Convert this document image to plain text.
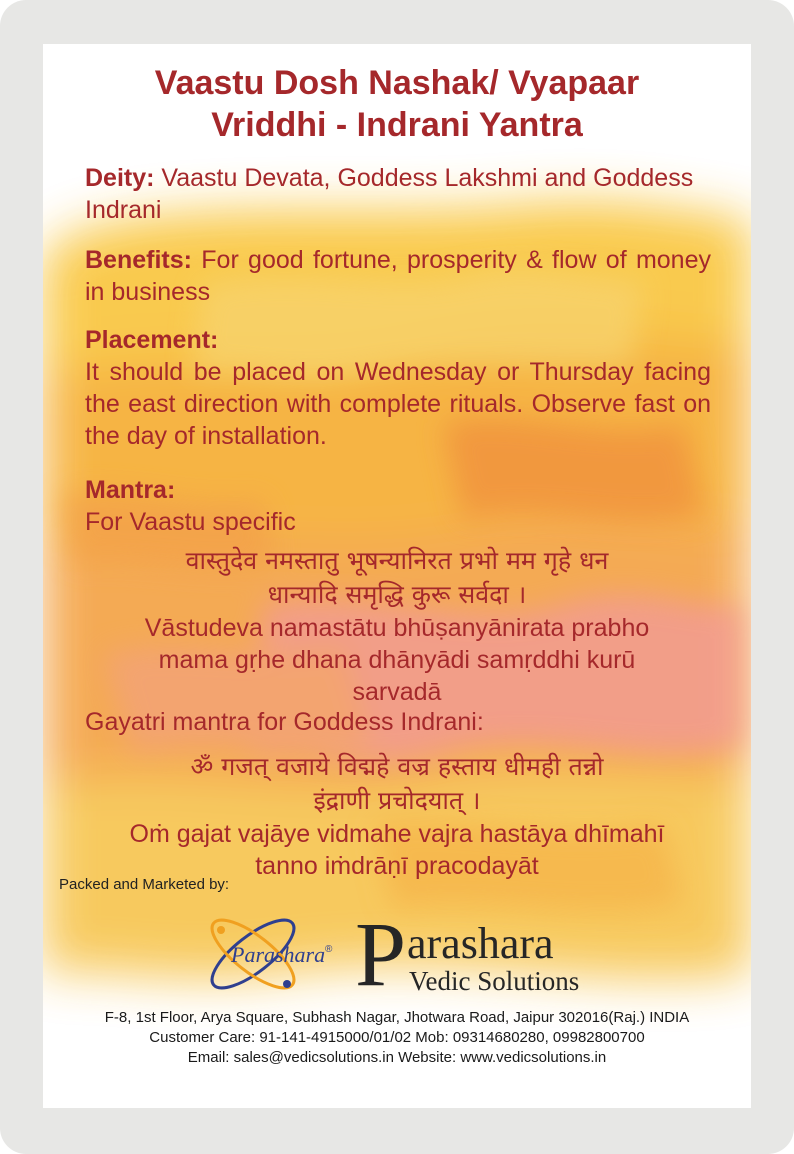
Vaastu Dosh Nashak/ Vyapaar
Vriddhi - Indrani Yantra
Deity: Vaastu Devata, Goddess Lakshmi and Goddess Indrani
Benefits: For good fortune, prosperity & flow of money in business
Placement:
It should be placed on Wednesday or Thursday facing the east direction with complete rituals. Observe fast on the day of installation.
Mantra:
For Vaastu specific
वास्तुदेव नमस्तातु भूषन्यानिरत प्रभो मम गृहे धन
धान्यादि समृद्धि कुरू सर्वदा ।
Vāstudeva namastātu bhūṣanyānirata prabho
mama gṛhe dhana dhānyādi samṛddhi kurū
sarvadā
Gayatri mantra for Goddess Indrani:
ॐ गजत् वजाये विद्महे वज्र हस्ताय धीमही तन्नो
इंद्राणी प्रचोदयात् ।
Oṁ gajat vajāye vidmahe vajra hastāya dhīmahī
tanno iṁdrāṇī pracodayāt
Packed and Marketed by:
Parashara ® P arashara
Vedic Solutions
F-8, 1st Floor, Arya Square, Subhash Nagar, Jhotwara Road, Jaipur 302016(Raj.) INDIA
Customer Care: 91-141-4915000/01/02 Mob: 09314680280, 09982800700
Email: sales@vedicsolutions.in Website: www.vedicsolutions.in
